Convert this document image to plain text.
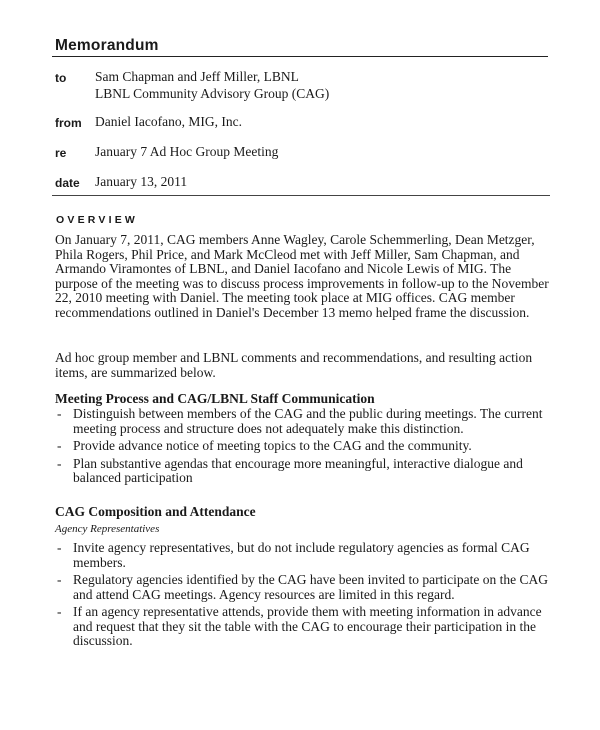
Memorandum
to Sam Chapman and Jeff Miller, LBNL
LBNL Community Advisory Group (CAG)
from Daniel Iacofano, MIG, Inc.
re January 7 Ad Hoc Group Meeting
date January 13, 2011
OVERVIEW

On January 7, 2011, CAG members Anne Wagley, Carole Schemmerling, Dean Metzger, Phila Rogers, Phil Price, and Mark McCleod met with Jeff Miller, Sam Chapman, and Armando Viramontes of LBNL, and Daniel Iacofano and Nicole Lewis of MIG. The purpose of the meeting was to discuss process improvements in follow-up to the November 22, 2010 meeting with Daniel. The meeting took place at MIG offices. CAG member recommendations outlined in Daniel's December 13 memo helped frame the discussion.

Ad hoc group member and LBNL comments and recommendations, and resulting action items, are summarized below.

Meeting Process and CAG/LBNL Staff Communication
- Distinguish between members of the CAG and the public during meetings. The current meeting process and structure does not adequately make this distinction.
- Provide advance notice of meeting topics to the CAG and the community.
- Plan substantive agendas that encourage more meaningful, interactive dialogue and balanced participation
CAG Composition and Attendance
Agency Representatives
- Invite agency representatives, but do not include regulatory agencies as formal CAG members.
- Regulatory agencies identified by the CAG have been invited to participate on the CAG and attend CAG meetings. Agency resources are limited in this regard.
- If an agency representative attends, provide them with meeting information in advance and request that they sit the table with the CAG to encourage their participation in the discussion.
